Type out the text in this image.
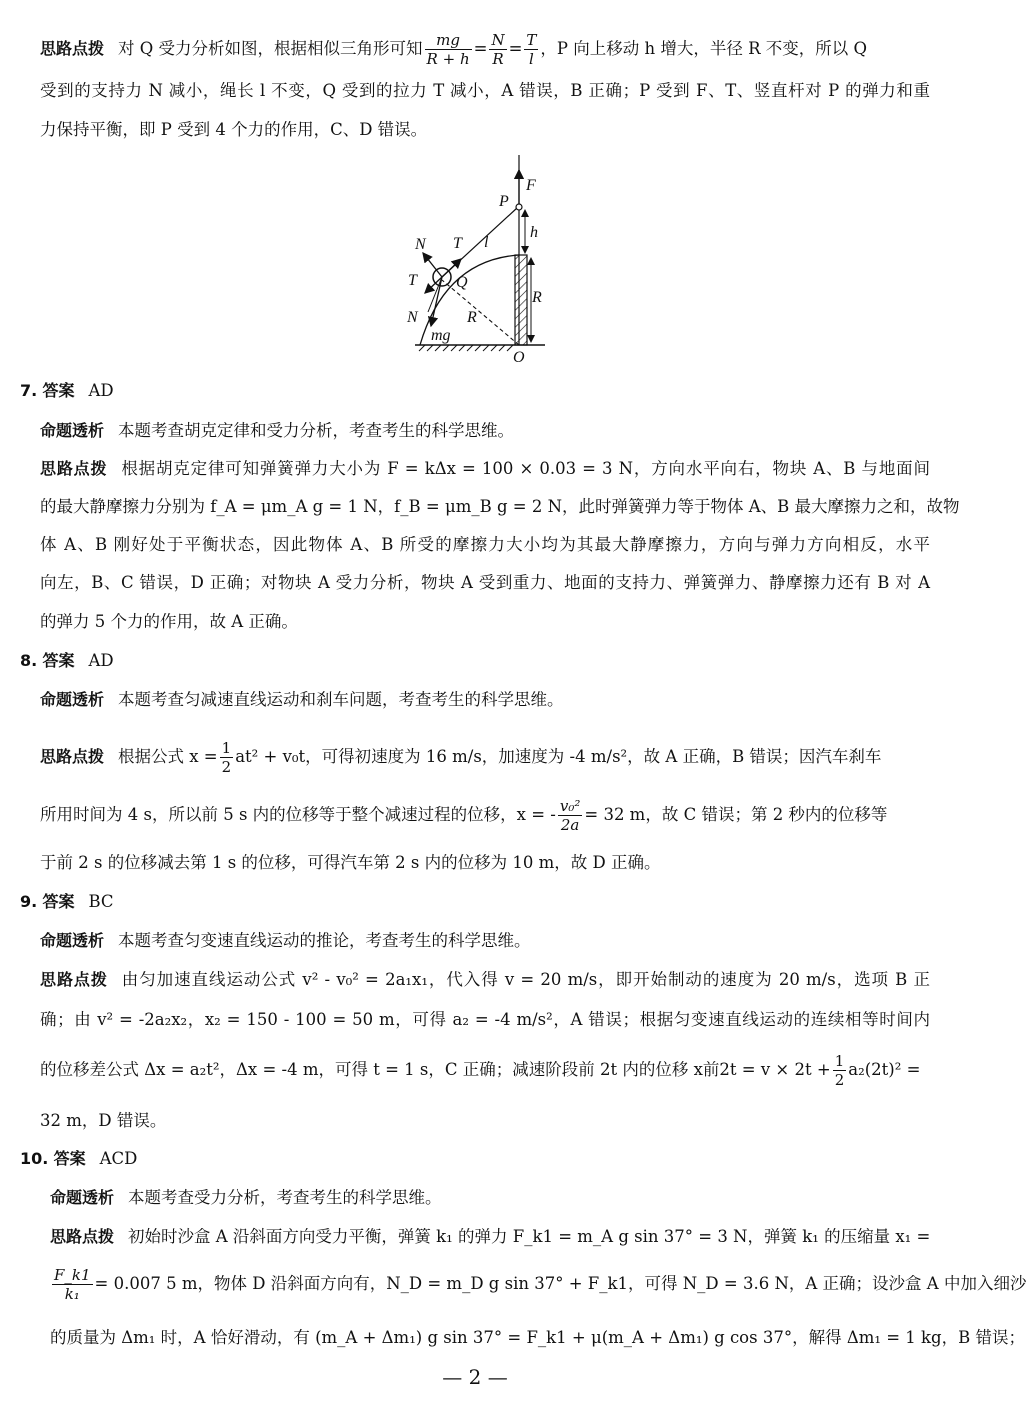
思路点拨 对 Q 受力分析如图，根据相似三角形可知 $\frac{mg}{R + h} = \frac{N}{R} = \frac{T}{l}$ ，P 向上移动 h 增大，半径 R 不变，所以 Q
受到的支持力 N 减小，绳长 l 不变，Q 受到的拉力 T 减小，A 错误，B 正确；P 受到 F、T、竖直杆对 P 的弹力和重
力保持平衡，即 P 受到 4 个力的作用，C、D 错误。
F
P
h
N T l
T Q
R
N	R
mg
O
7. 答案 AD
命题透析 本题考查胡克定律和受力分析，考查考生的科学思维。
思路点拨 根据胡克定律可知弹簧弹力大小为 F = kΔx = 100 × 0.03 = 3 N，方向水平向右，物块 A、B 与地面间
的最大静摩擦力分别为 f_A = μm_A g = 1 N，f_B = μm_B g = 2 N，此时弹簧弹力等于物体 A、B 最大摩擦力之和，故物
体 A、B 刚好处于平衡状态，因此物体 A、B 所受的摩擦力大小均为其最大静摩擦力，方向与弹力方向相反，水平
向左，B、C 错误，D 正确；对物块 A 受力分析，物块 A 受到重力、地面的支持力、弹簧弹力、静摩擦力还有 B 对 A
的弹力 5 个力的作用，故 A 正确。
8. 答案 AD
命题透析 本题考查匀减速直线运动和刹车问题，考查考生的科学思维。
思路点拨 根据公式 $x = \frac{1}{2} at^2 + v_0t$，可得初速度为 16 m/s，加速度为 -4 m/s²，故 A 正确，B 错误；因汽车刹车
所用时间为 4 s，所以前 5 s 内的位移等于整个减速过程的位移，x = - $\frac{\text{v₀²}}{2a} = 32$ m，故 C 错误；第 2 秒内的位移等
于前 2 s 的位移减去第 1 s 的位移，可得汽车第 2 s 内的位移为 10 m，故 D 正确。
9. 答案 BC
命题透析 本题考查匀变速直线运动的推论，考查考生的科学思维。
思路点拨 由匀加速直线运动公式 v² - v₀² = 2a₁x₁，代入得 v = 20 m/s，即开始制动的速度为 20 m/s，选项 B 正
确；由 v² = -2a₂x₂，x₂ = 150 - 100 = 50 m，可得 a₂ = -4 m/s²，A 错误；根据匀变速直线运动的连续相等时间内
的位移差公式 Δx = a₂t²，Δx = -4 m，可得 t = 1 s，C 正确；减速阶段前 2t 内的位移 x前$2t = v \times 2t + \frac{1}{2} a_2(2t)^2$ =
32 m，D 错误。
10. 答案 ACD
命题透析 本题考查受力分析，考查考生的科学思维。
思路点拨 初始时沙盒 A 沿斜面方向受力平衡，弹簧 k₁ 的弹力 F_k1 = m_A g sin 37° = 3 N，弹簧 k₁ 的压缩量 x₁ =
$\frac{F\_k1}{\text{k₁}} = 0.007$ 5 m，物体 D 沿斜面方向有，N_D = m_D g sin 37° + F_k1，可得 N_D = 3.6 N，A 正确；设沙盒 A 中加入细沙
的质量为 Δm₁ 时，A 恰好滑动，有 (m_A + Δm₁) g sin 37° = F_k1 + μ(m_A + Δm₁) g cos 37°，解得 Δm₁ = 1 kg，B 错误；
— 2 —
